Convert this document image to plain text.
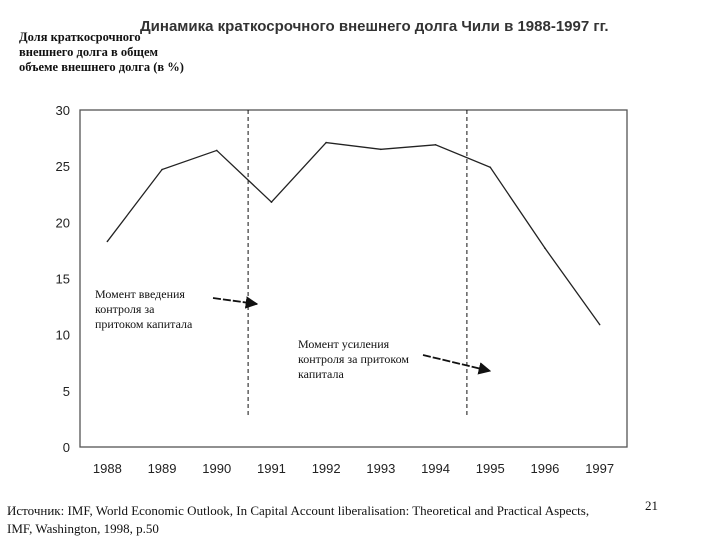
Динамика краткосрочного внешнего долга Чили в 1988-1997 гг.
Доля краткосрочного внешнего долга в общем объеме внешнего долга (в %)
0
5
10
15
20
25
30
1988 1989 1990 1991 1992 1993 1994 1995 1996 1997
Момент введения контроля за притоком капитала
Момент усиления контроля за притоком капитала
Источник: IMF, World Economic Outlook, In Capital Account liberalisation: Theoretical and Practical Aspects, IMF, Washington, 1998, p.50
21
